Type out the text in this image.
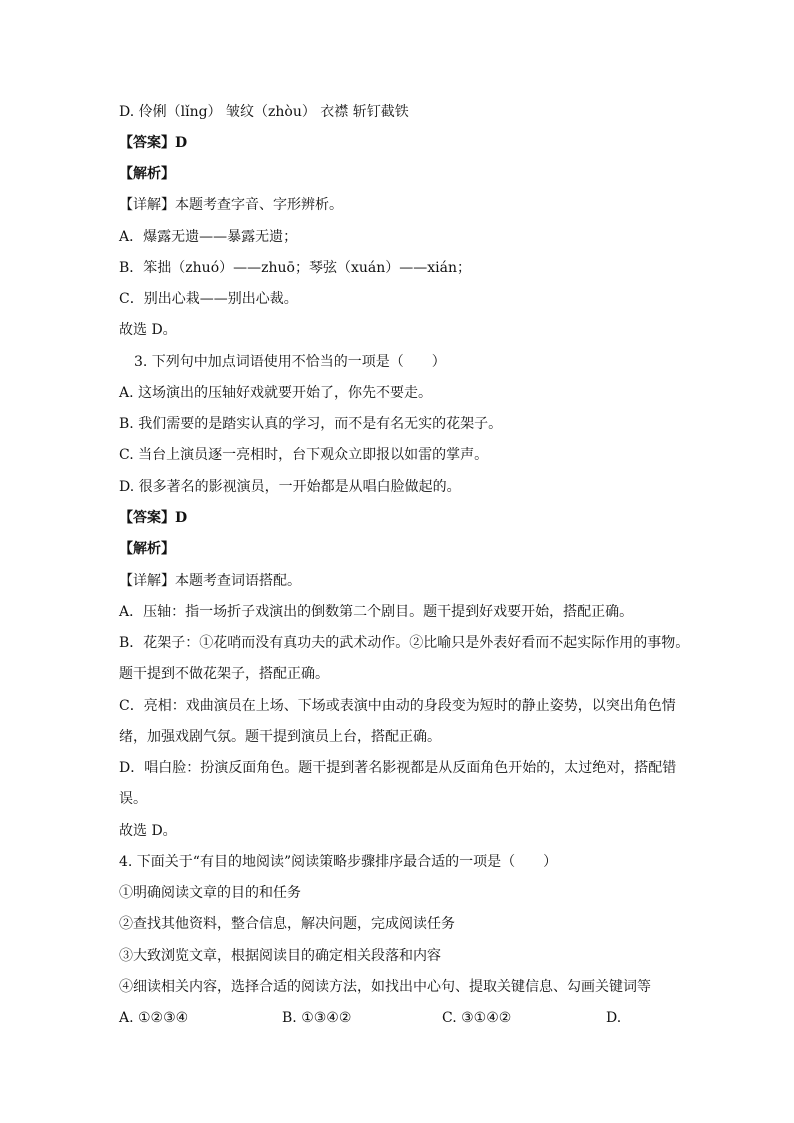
D. 伶俐（lǐng） 皱纹（zhòu） 衣襟 斩钉截铁

【答案】D

【解析】

【详解】本题考查字音、字形辨析。

A．爆露无遗——暴露无遗；

B．笨拙（zhuó）——zhuō；琴弦（xuán）——xián；

C．别出心栽——别出心裁。

故选 D。

3. 下列句中加点词语使用不恰当的一项是（　　）

A. 这场演出的压轴好戏就要开始了，你先不要走。

B. 我们需要的是踏实认真的学习，而不是有名无实的花架子。

C. 当台上演员逐一亮相时，台下观众立即报以如雷的掌声。

D. 很多著名的影视演员，一开始都是从唱白脸做起的。

【答案】D

【解析】

【详解】本题考查词语搭配。

A．压轴：指一场折子戏演出的倒数第二个剧目。题干提到好戏要开始，搭配正确。

B．花架子：①花哨而没有真功夫的武术动作。②比喻只是外表好看而不起实际作用的事物。

题干提到不做花架子，搭配正确。

C．亮相：戏曲演员在上场、下场或表演中由动的身段变为短时的静止姿势，以突出角色情

绪，加强戏剧气氛。题干提到演员上台，搭配正确。

D．唱白脸：扮演反面角色。题干提到著名影视都是从反面角色开始的，太过绝对，搭配错

误。

故选 D。

4. 下面关于“有目的地阅读”阅读策略步骤排序最合适的一项是（　　）

①明确阅读文章的目的和任务

②查找其他资料，整合信息，解决问题，完成阅读任务

③大致浏览文章，根据阅读目的确定相关段落和内容

④细读相关内容，选择合适的阅读方法，如找出中心句、提取关键信息、勾画关键词等

A. ①②③④	B. ①③④②	C. ③①④②	D.
